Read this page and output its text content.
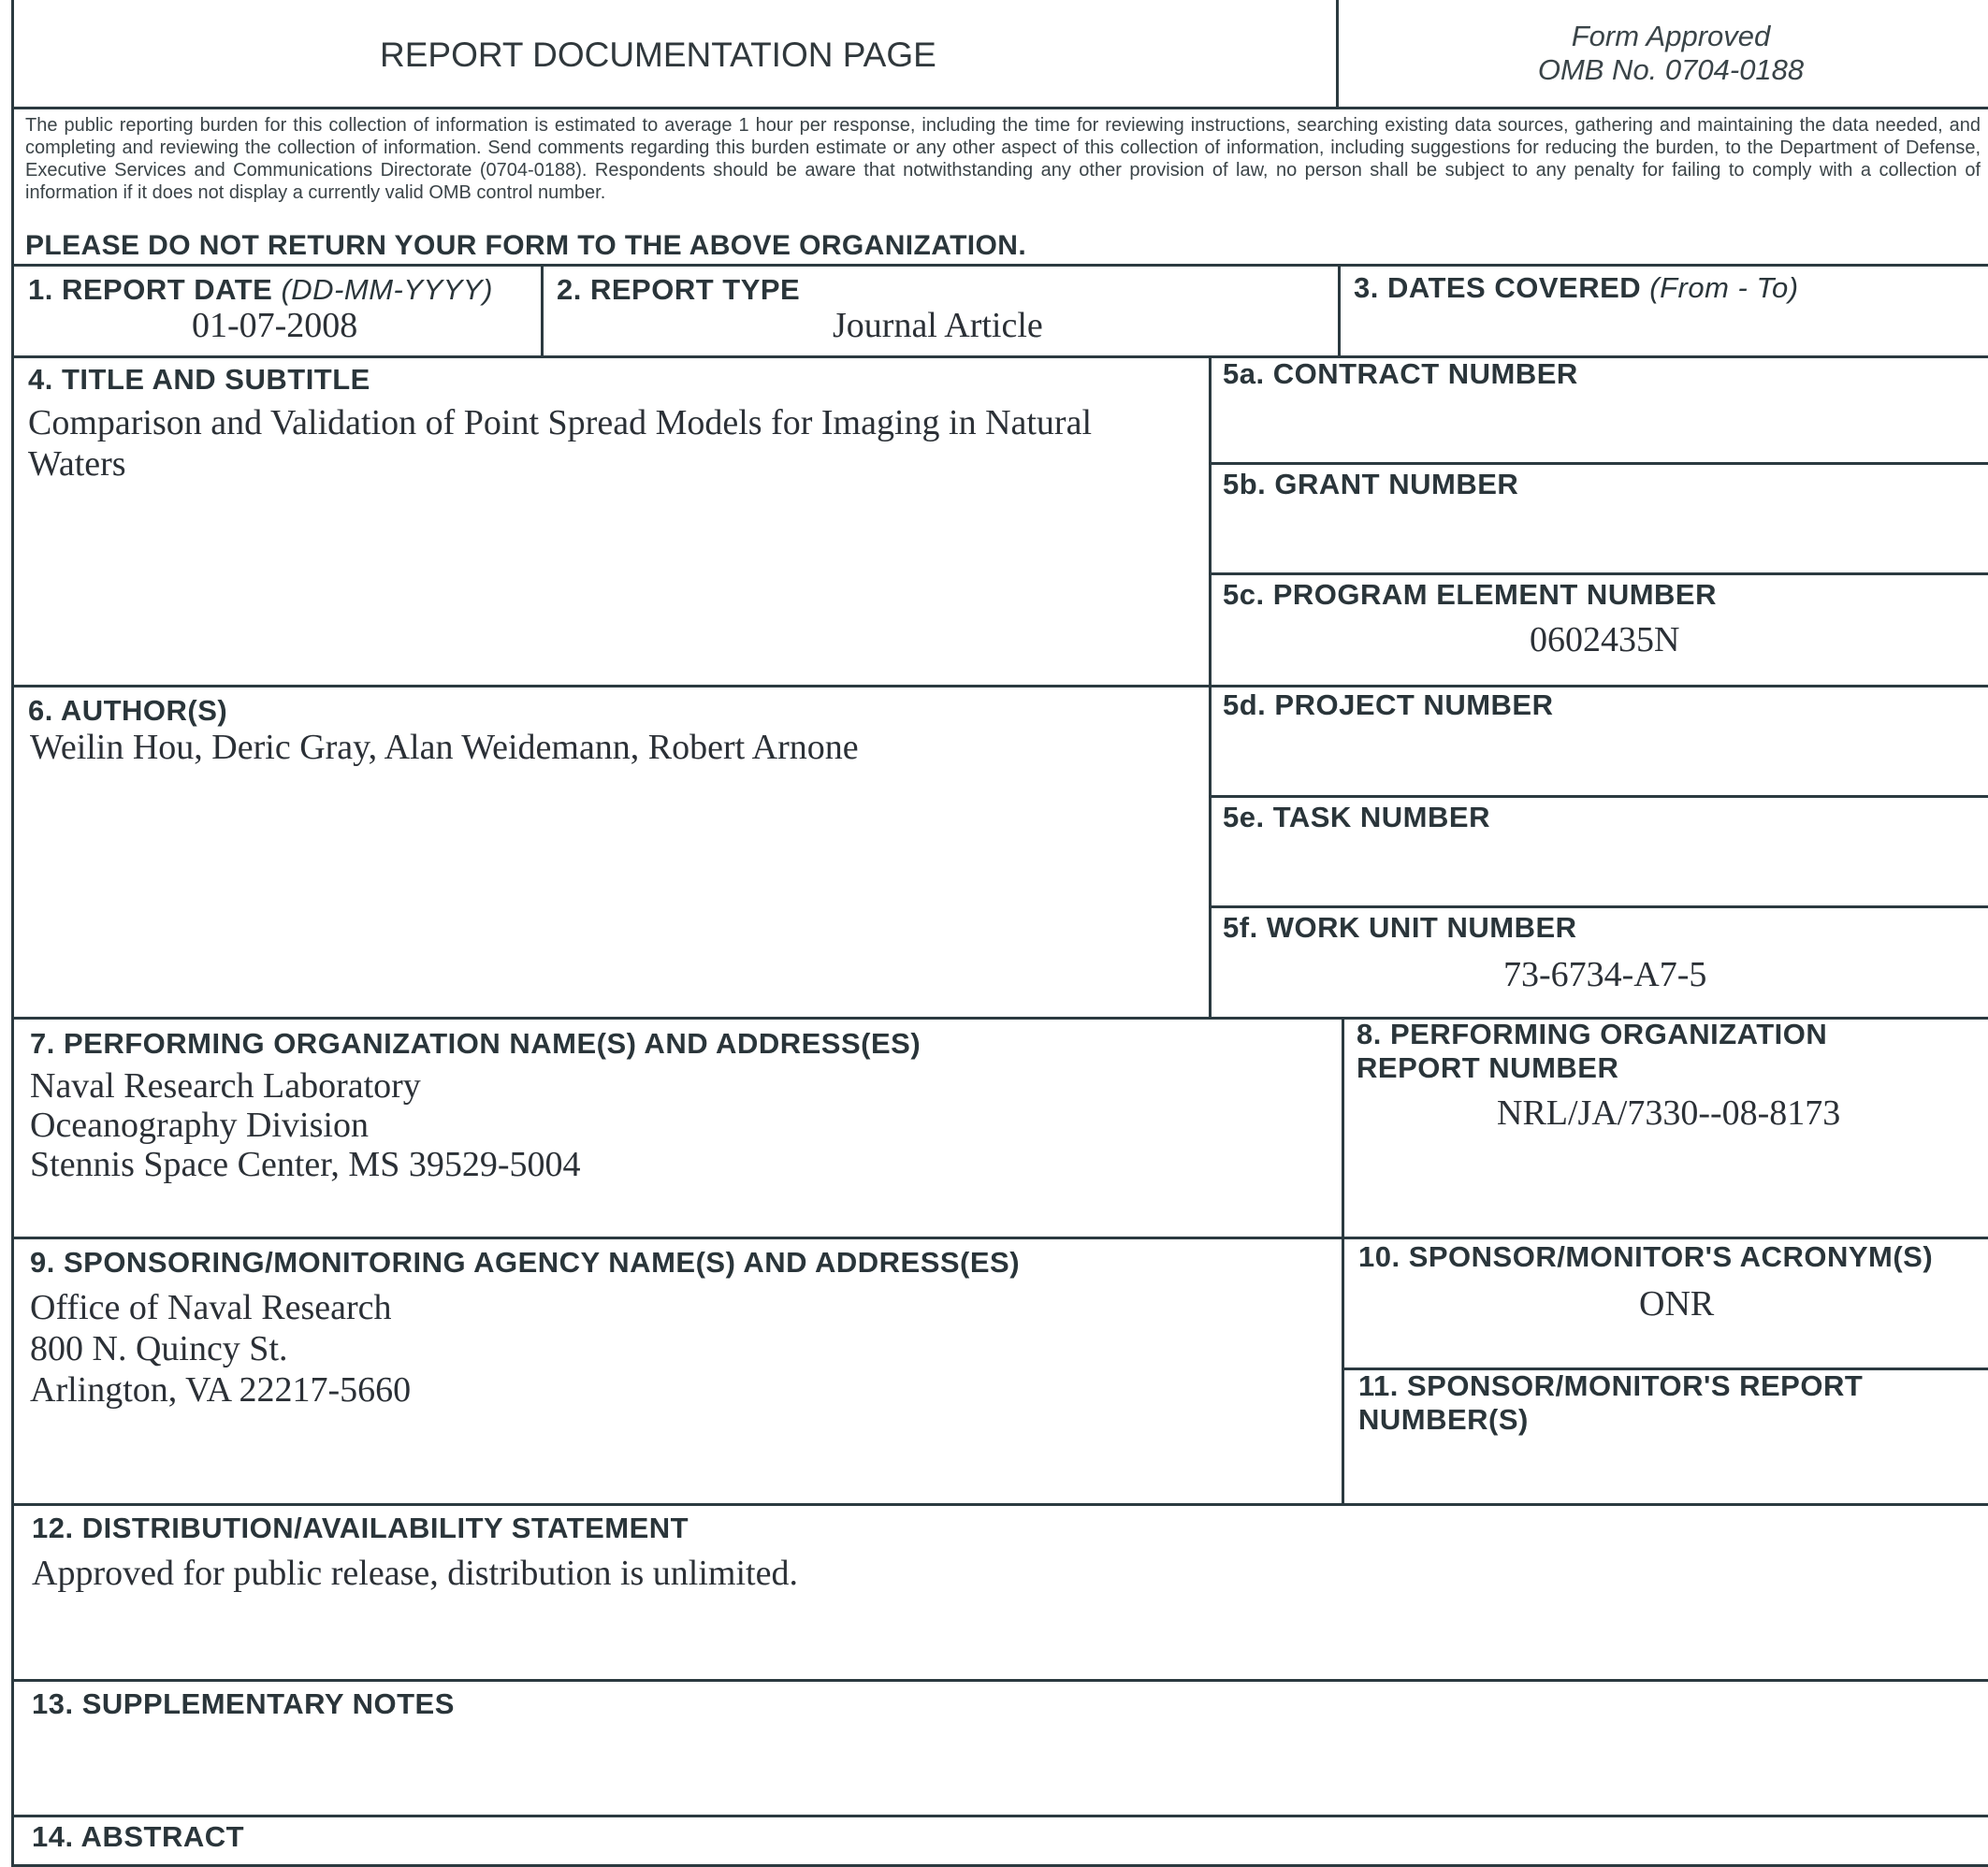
REPORT DOCUMENTATION PAGE	Form Approved
OMB No. 0704-0188
The public reporting burden for this collection of information is estimated to average 1 hour per response, including the time for reviewing instructions, searching existing data sources, gathering and maintaining the data needed, and completing and reviewing the collection of information. Send comments regarding this burden estimate or any other aspect of this collection of information, including suggestions for reducing the burden, to the Department of Defense, Executive Services and Communications Directorate (0704-0188). Respondents should be aware that notwithstanding any other provision of law, no person shall be subject to any penalty for failing to comply with a collection of information if it does not display a currently valid OMB control number.
PLEASE DO NOT RETURN YOUR FORM TO THE ABOVE ORGANIZATION.
1. REPORT DATE (DD-MM-YYYY)
01-07-2008
2. REPORT TYPE
Journal Article
3. DATES COVERED (From - To)
4. TITLE AND SUBTITLE
Comparison and Validation of Point Spread Models for Imaging in Natural
Waters
5a. CONTRACT NUMBER
5b. GRANT NUMBER
5c. PROGRAM ELEMENT NUMBER
0602435N
6. AUTHOR(S)
Weilin Hou, Deric Gray, Alan Weidemann, Robert Arnone
5d. PROJECT NUMBER
5e. TASK NUMBER
5f. WORK UNIT NUMBER
73-6734-A7-5
7. PERFORMING ORGANIZATION NAME(S) AND ADDRESS(ES)
Naval Research Laboratory
Oceanography Division
Stennis Space Center, MS 39529-5004
8. PERFORMING ORGANIZATION
REPORT NUMBER
NRL/JA/7330--08-8173
9. SPONSORING/MONITORING AGENCY NAME(S) AND ADDRESS(ES)
Office of Naval Research
800 N. Quincy St.
Arlington, VA 22217-5660
10. SPONSOR/MONITOR'S ACRONYM(S)
ONR
11. SPONSOR/MONITOR'S REPORT
NUMBER(S)
12. DISTRIBUTION/AVAILABILITY STATEMENT
Approved for public release, distribution is unlimited.
13. SUPPLEMENTARY NOTES
14. ABSTRACT
